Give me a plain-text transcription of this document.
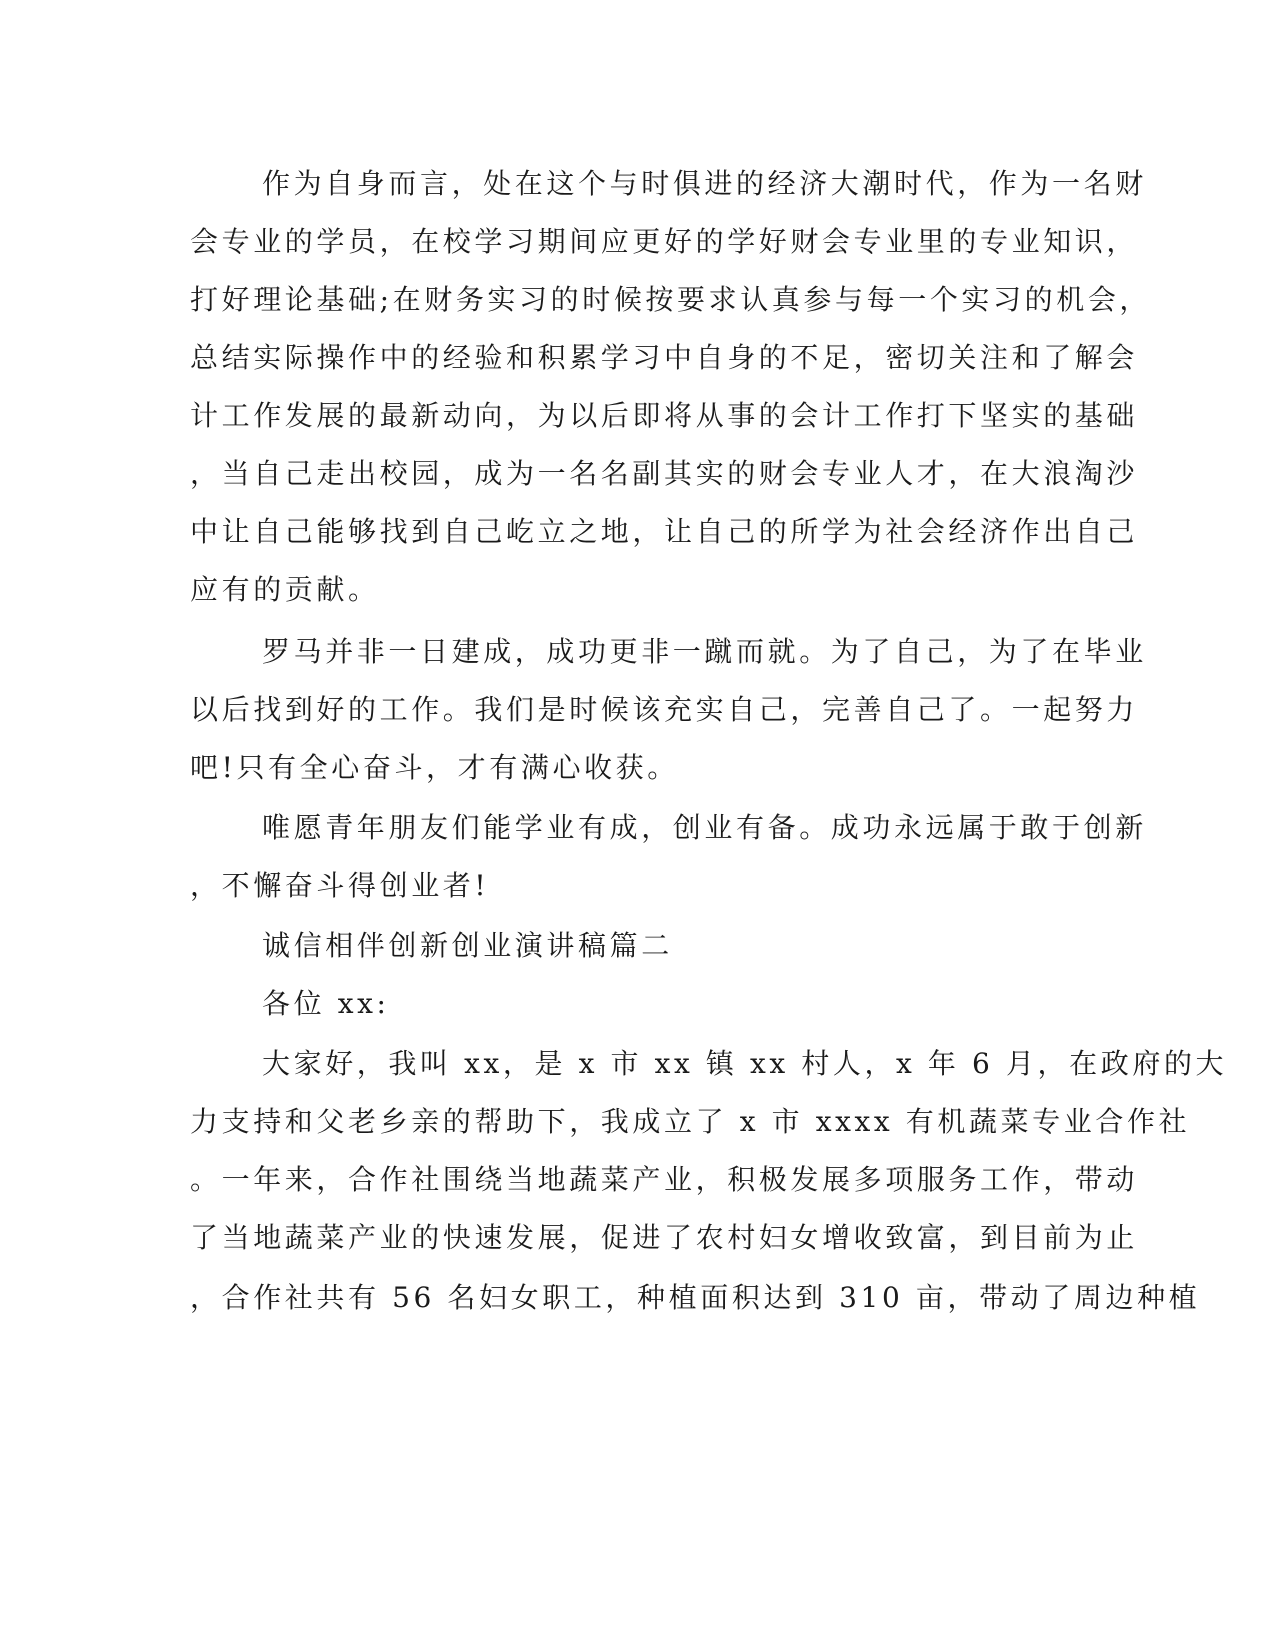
作为自身而言，处在这个与时俱进的经济大潮时代，作为一名财
会专业的学员，在校学习期间应更好的学好财会专业里的专业知识，
打好理论基础;在财务实习的时候按要求认真参与每一个实习的机会，
总结实际操作中的经验和积累学习中自身的不足，密切关注和了解会
计工作发展的最新动向，为以后即将从事的会计工作打下坚实的基础
，当自己走出校园，成为一名名副其实的财会专业人才，在大浪淘沙
中让自己能够找到自己屹立之地，让自己的所学为社会经济作出自己
应有的贡献。
罗马并非一日建成，成功更非一蹴而就。为了自己，为了在毕业
以后找到好的工作。我们是时候该充实自己，完善自己了。一起努力
吧!只有全心奋斗，才有满心收获。
唯愿青年朋友们能学业有成，创业有备。成功永远属于敢于创新
，不懈奋斗得创业者!
诚信相伴创新创业演讲稿篇二
各位 xx:
大家好，我叫 xx，是 x 市 xx 镇 xx 村人，x 年 6 月，在政府的大
力支持和父老乡亲的帮助下，我成立了 x 市 xxxx 有机蔬菜专业合作社
。一年来，合作社围绕当地蔬菜产业，积极发展多项服务工作，带动
了当地蔬菜产业的快速发展，促进了农村妇女增收致富，到目前为止
，合作社共有 56 名妇女职工，种植面积达到 310 亩，带动了周边种植
